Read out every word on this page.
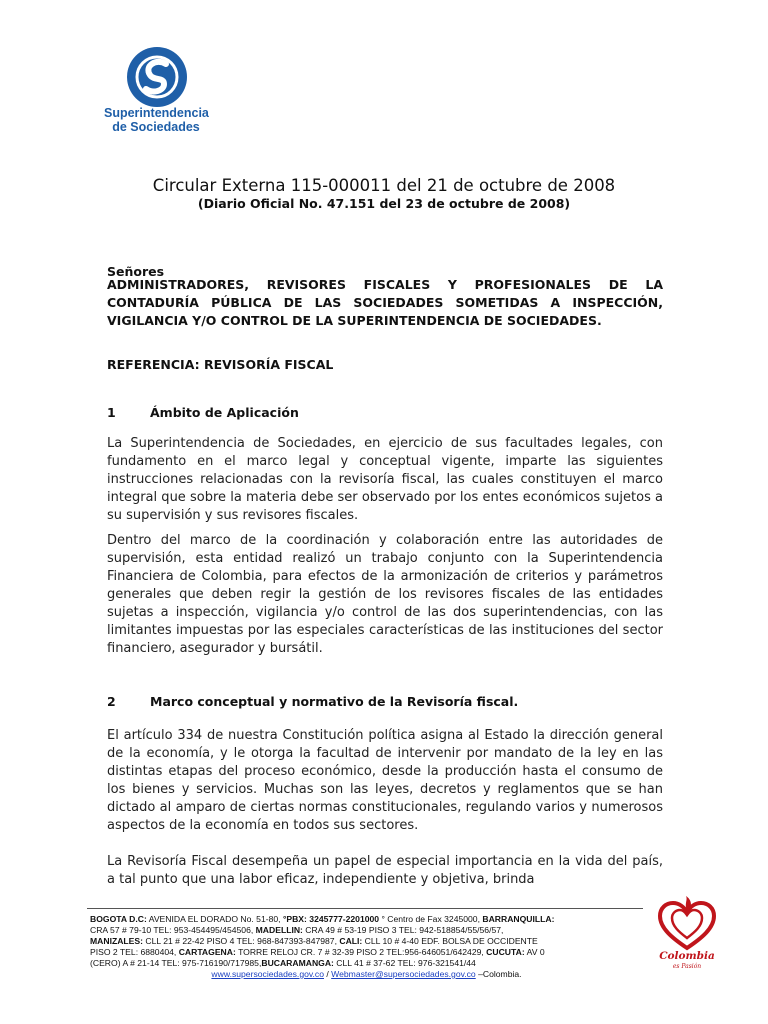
Superintendencia
de Sociedades
Circular Externa 115-000011 del 21 de octubre de 2008
(Diario Oficial No. 47.151 del 23 de octubre de 2008)
Señores
ADMINISTRADORES, REVISORES FISCALES Y PROFESIONALES DE LA CONTADURÍA PÚBLICA DE LAS SOCIEDADES SOMETIDAS A INSPECCIÓN, VIGILANCIA Y/O CONTROL DE LA SUPERINTENDENCIA DE SOCIEDADES.
REFERENCIA: REVISORÍA FISCAL
1	Ámbito de Aplicación
La Superintendencia de Sociedades, en ejercicio de sus facultades legales, con fundamento en el marco legal y conceptual vigente, imparte las siguientes instrucciones relacionadas con la revisoría fiscal, las cuales constituyen el marco integral que sobre la materia debe ser observado por los entes económicos sujetos a su supervisión y sus revisores fiscales.
Dentro del marco de la coordinación y colaboración entre las autoridades de supervisión, esta entidad realizó un trabajo conjunto con la Superintendencia Financiera de Colombia, para efectos de la armonización de criterios y parámetros generales que deben regir la gestión de los revisores fiscales de las entidades sujetas a inspección, vigilancia y/o control de las dos superintendencias, con las limitantes impuestas por las especiales características de las instituciones del sector financiero, asegurador y bursátil.
2	Marco conceptual y normativo de la Revisoría fiscal.
El artículo 334 de nuestra Constitución política asigna al Estado la dirección general de la economía, y le otorga la facultad de intervenir por mandato de la ley en las distintas etapas del proceso económico, desde la producción hasta el consumo de los bienes y servicios. Muchas son las leyes, decretos y reglamentos que se han dictado al amparo de ciertas normas constitucionales, regulando varios y numerosos aspectos de la economía en todos sus sectores.
La Revisoría Fiscal desempeña un papel de especial importancia en la vida del país, a tal punto que una labor eficaz, independiente y objetiva, brinda
BOGOTA D.C: AVENIDA EL DORADO No. 51-80, °PBX: 3245777-2201000 ° Centro de Fax 3245000, BARRANQUILLA:
CRA 57 # 79-10 TEL: 953-454495/454506, MADELLIN: CRA 49 # 53-19 PISO 3 TEL: 942-518854/55/56/57,
MANIZALES: CLL 21 # 22-42 PISO 4 TEL: 968-847393-847987, CALI: CLL 10 # 4-40 EDF. BOLSA DE OCCIDENTE
PISO 2 TEL: 6880404, CARTAGENA: TORRE RELOJ CR. 7 # 32-39 PISO 2 TEL:956-646051/642429, CUCUTA: AV 0
(CERO) A # 21-14 TEL: 975-716190/717985,BUCARAMANGA: CLL 41 # 37-62 TEL: 976-321541/44
www.supersociedades.gov.co / Webmaster@supersociedades.gov.co –Colombia.
Colombia
es Pasión
